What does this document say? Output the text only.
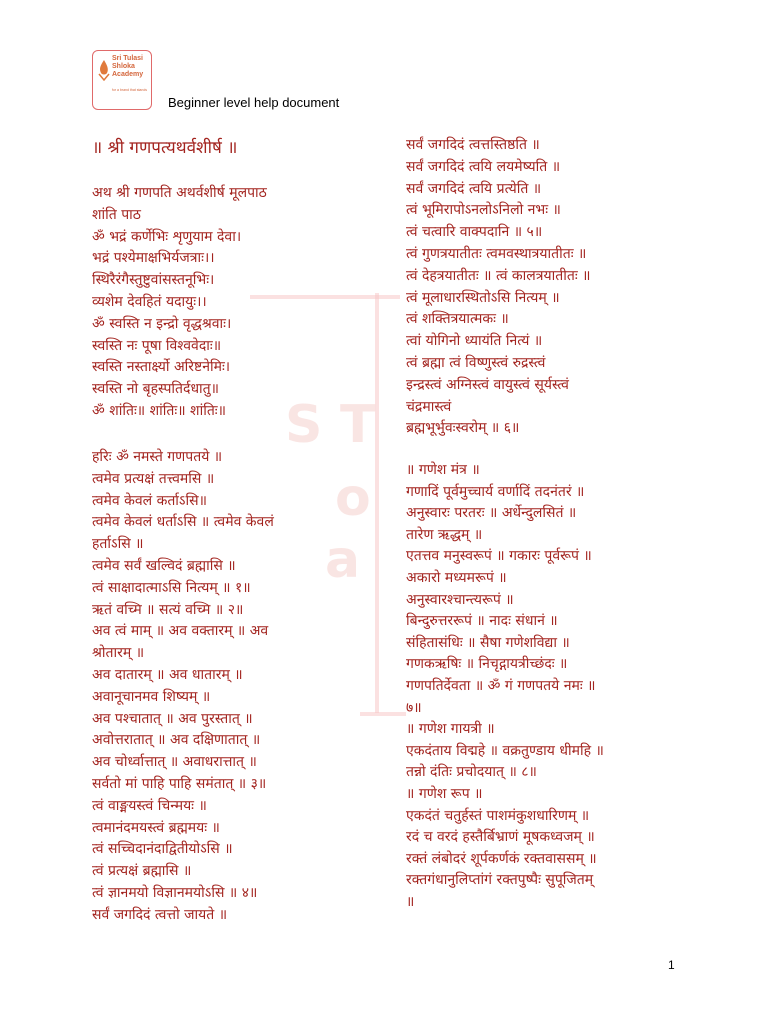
Sri Tulasi
Shloka
Academy
for a brand that stands
Beginner level help document
S T
o
a
॥ श्री गणपत्यथर्वशीर्ष ॥
अथ श्री गणपति अथर्वशीर्ष मूलपाठ
शांति पाठ
ॐ भद्रं कर्णेभिः शृणुयाम देवा।
भद्रं पश्येमाक्षभिर्यजत्राः।।
स्थिरैरंगैस्तुष्टुवांसस्तनूभिः।
व्यशेम देवहितं यदायुः।।
ॐ स्वस्ति न इन्द्रो वृद्धश्रवाः।
स्वस्ति नः पूषा विश्ववेदाः॥
स्वस्ति नस्तार्क्ष्यो अरिष्टनेमिः।
स्वस्ति नो बृहस्पतिर्दधातु॥
ॐ शांतिः॥ शांतिः॥ शांतिः॥
हरिः ॐ नमस्ते गणपतये ॥
त्वमेव प्रत्यक्षं तत्त्वमसि ॥
त्वमेव केवलं कर्ताऽसि॥
त्वमेव केवलं धर्ताऽसि ॥ त्वमेव केवलं
हर्ताऽसि ॥
त्वमेव सर्वं खल्विदं ब्रह्मासि ॥
त्वं साक्षादात्माऽसि नित्यम् ॥ १॥
ऋतं वच्मि ॥ सत्यं वच्मि ॥ २॥
अव त्वं माम् ॥ अव वक्तारम् ॥ अव
श्रोतारम् ॥
अव दातारम् ॥ अव धातारम् ॥
अवानूचानमव शिष्यम् ॥
अव पश्चातात् ॥ अव पुरस्तात् ॥
अवोत्तरातात् ॥ अव दक्षिणातात् ॥
अव चोर्ध्वात्तात् ॥ अवाधरात्तात् ॥
सर्वतो मां पाहि पाहि समंतात् ॥ ३॥
त्वं वाङ्मयस्त्वं चिन्मयः ॥
त्वमानंदमयस्त्वं ब्रह्ममयः ॥
त्वं सच्चिदानंदाद्वितीयोऽसि ॥
त्वं प्रत्यक्षं ब्रह्मासि ॥
त्वं ज्ञानमयो विज्ञानमयोऽसि ॥ ४॥
सर्वं जगदिदं त्वत्तो जायते ॥
सर्वं जगदिदं त्वत्तस्तिष्ठति ॥
सर्वं जगदिदं त्वयि लयमेष्यति ॥
सर्वं जगदिदं त्वयि प्रत्येति ॥
त्वं भूमिरापोऽनलोऽनिलो नभः ॥
त्वं चत्वारि वाक्पदानि ॥ ५॥
त्वं गुणत्रयातीतः त्वमवस्थात्रयातीतः ॥
त्वं देहत्रयातीतः ॥ त्वं कालत्रयातीतः ॥
त्वं मूलाधारस्थितोऽसि नित्यम् ॥
त्वं शक्तित्रयात्मकः ॥
त्वां योगिनो ध्यायंति नित्यं ॥
त्वं ब्रह्मा त्वं विष्णुस्त्वं रुद्रस्त्वं
इन्द्रस्त्वं अग्निस्त्वं वायुस्त्वं सूर्यस्त्वं
चंद्रमास्त्वं
ब्रह्मभूर्भुवःस्वरोम् ॥ ६॥
॥ गणेश मंत्र ॥
गणादिं पूर्वमुच्चार्य वर्णादिं तदनंतरं ॥
अनुस्वारः परतरः ॥ अर्धेन्दुलसितं ॥
तारेण ऋद्धम् ॥
एतत्तव मनुस्वरूपं ॥ गकारः पूर्वरूपं ॥
अकारो मध्यमरूपं ॥
अनुस्वारश्चान्त्यरूपं ॥
बिन्दुरुत्तररूपं ॥ नादः संधानं ॥
संहितासंधिः ॥ सैषा गणेशविद्या ॥
गणकऋषिः ॥ निचृद्गायत्रीच्छंदः ॥
गणपतिर्देवता ॥ ॐ गं गणपतये नमः ॥
७॥
॥ गणेश गायत्री ॥
एकदंताय विद्महे ॥ वक्रतुण्डाय धीमहि ॥
तन्नो दंतिः प्रचोदयात् ॥ ८॥
॥ गणेश रूप ॥
एकदंतं चतुर्हस्तं पाशमंकुशधारिणम् ॥
रदं च वरदं हस्तैर्बिभ्राणं मूषकध्वजम् ॥
रक्तं लंबोदरं शूर्पकर्णकं रक्तवाससम् ॥
रक्तगंधानुलिप्तांगं रक्तपुष्पैः सुपूजितम्
॥
1
